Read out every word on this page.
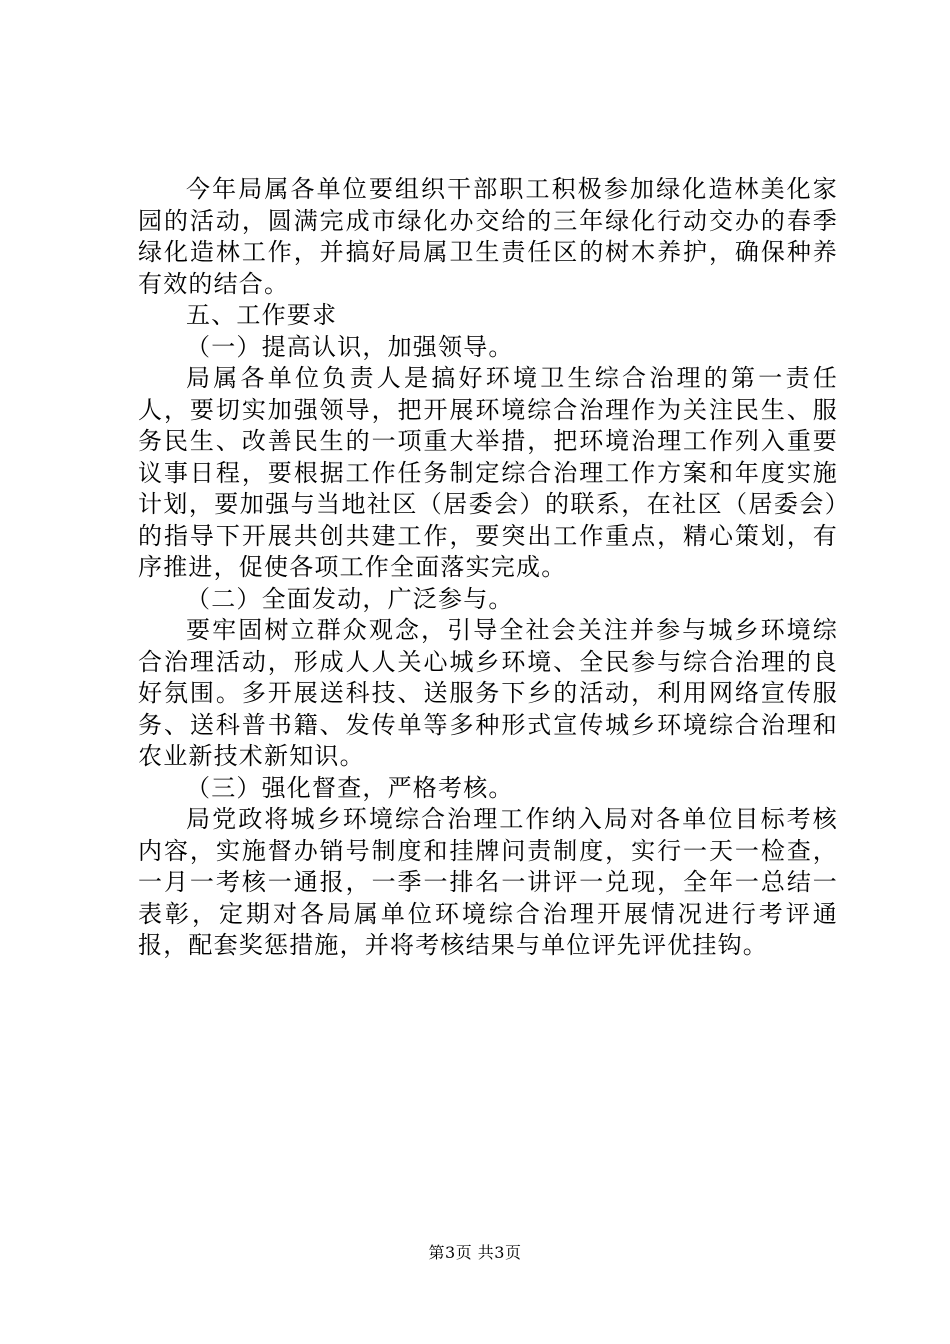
今年局属各单位要组织干部职工积极参加绿化造林美化家园的活动，圆满完成市绿化办交给的三年绿化行动交办的春季绿化造林工作，并搞好局属卫生责任区的树木养护，确保种养有效的结合。

五、工作要求

（一）提高认识，加强领导。

局属各单位负责人是搞好环境卫生综合治理的第一责任人，要切实加强领导，把开展环境综合治理作为关注民生、服务民生、改善民生的一项重大举措，把环境治理工作列入重要议事日程，要根据工作任务制定综合治理工作方案和年度实施计划，要加强与当地社区（居委会）的联系，在社区（居委会）的指导下开展共创共建工作，要突出工作重点，精心策划，有序推进，促使各项工作全面落实完成。

（二）全面发动，广泛参与。

要牢固树立群众观念，引导全社会关注并参与城乡环境综合治理活动，形成人人关心城乡环境、全民参与综合治理的良好氛围。多开展送科技、送服务下乡的活动，利用网络宣传服务、送科普书籍、发传单等多种形式宣传城乡环境综合治理和农业新技术新知识。

（三）强化督查，严格考核。

局党政将城乡环境综合治理工作纳入局对各单位目标考核内容，实施督办销号制度和挂牌问责制度，实行一天一检查，一月一考核一通报，一季一排名一讲评一兑现，全年一总结一表彰，定期对各局属单位环境综合治理开展情况进行考评通报，配套奖惩措施，并将考核结果与单位评先评优挂钩。

第3页 共3页
